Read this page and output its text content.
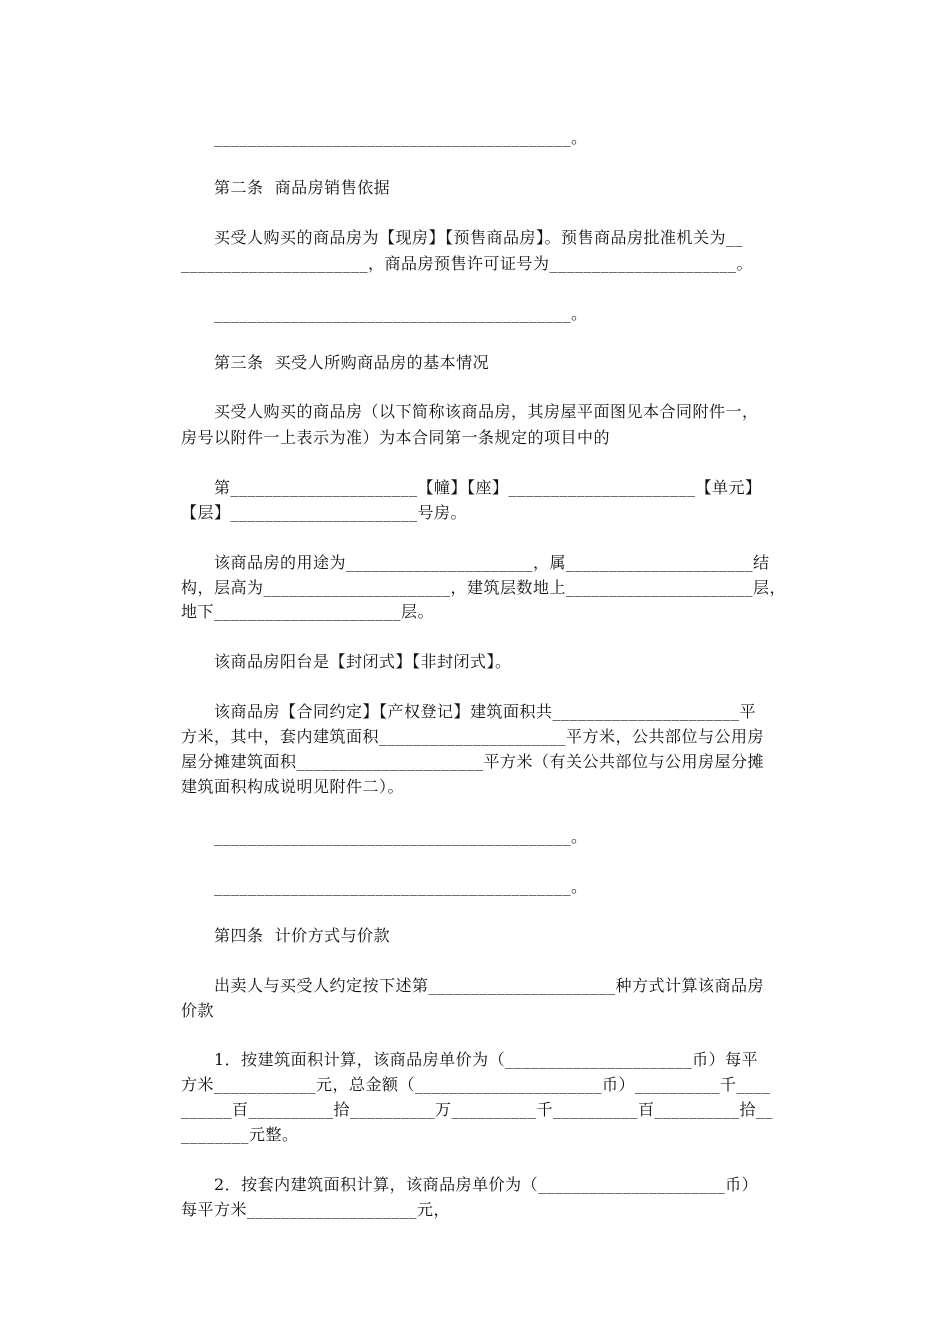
__________________________________________。
第二条  商品房销售依据
买受人购买的商品房为【现房】【预售商品房】。预售商品房批准机关为__
______________________，商品房预售许可证号为______________________。
__________________________________________。
第三条  买受人所购商品房的基本情况
买受人购买的商品房（以下简称该商品房，其房屋平面图见本合同附件一，
房号以附件一上表示为准）为本合同第一条规定的项目中的
第______________________【幢】【座】______________________【单元】
【层】______________________号房。
该商品房的用途为______________________，属______________________结
构，层高为______________________，建筑层数地上______________________层，
地下______________________层。
该商品房阳台是【封闭式】【非封闭式】。
该商品房【合同约定】【产权登记】建筑面积共______________________平
方米，其中，套内建筑面积______________________平方米，公共部位与公用房
屋分摊建筑面积______________________平方米（有关公共部位与公用房屋分摊
建筑面积构成说明见附件二）。
__________________________________________。
__________________________________________。
第四条  计价方式与价款
出卖人与买受人约定按下述第______________________种方式计算该商品房
价款
1．按建筑面积计算，该商品房单价为（______________________币）每平
方米____________元，总金额（______________________币）__________千____
______百__________拾__________万__________千__________百__________拾__
________元整。
2．按套内建筑面积计算，该商品房单价为（______________________币）
每平方米____________________元，
